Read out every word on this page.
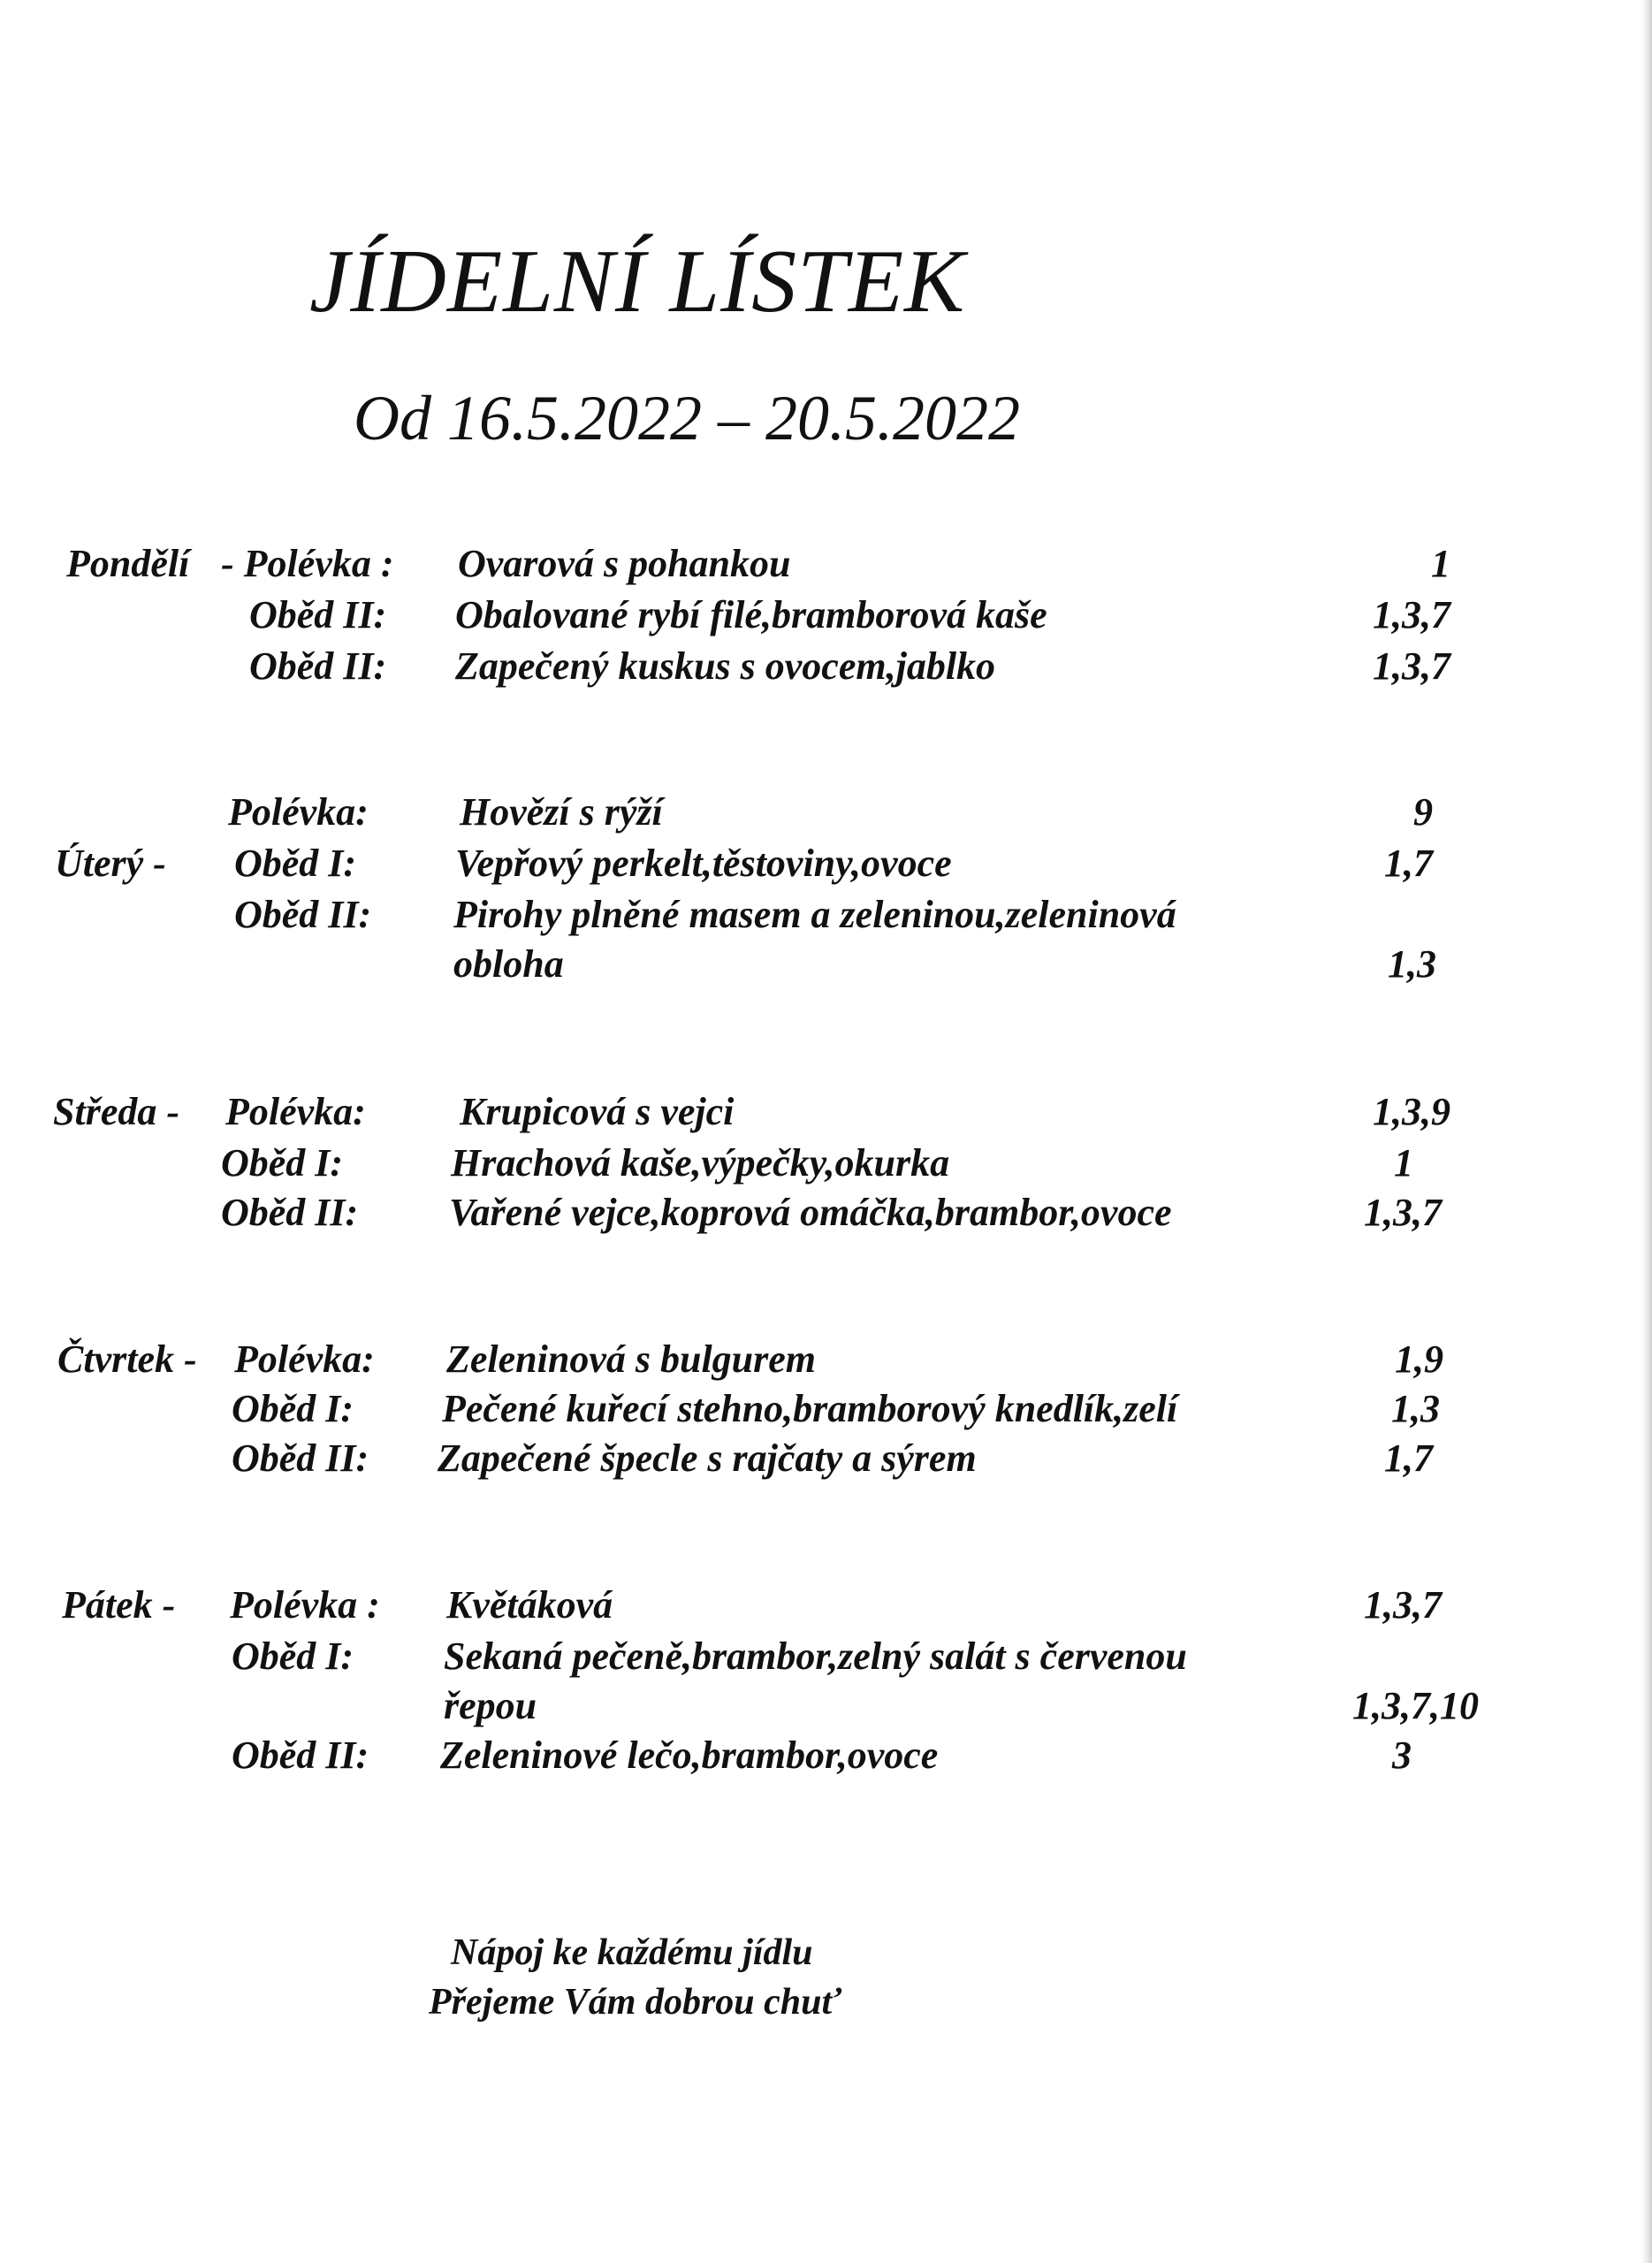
JÍDELNÍ LÍSTEK
Od 16.5.2022 – 20.5.2022
Pondělí - Polévka : Ovarová s pohankou	1
Oběd II: Obalované rybí filé,bramborová kaše	1,3,7
Oběd II: Zapečený kuskus s ovocem,jablko	1,3,7
Polévka: Hovězí s rýží	9
Úterý - Oběd I:	Vepřový perkelt,těstoviny,ovoce	1,7
Oběd II: Pirohy plněné masem a zeleninou,zeleninová
obloha	1,3
Středa - Polévka: Krupicová s vejci	1,3,9
Oběd I:	Hrachová kaše,výpečky,okurka	1
Oběd II: Vařené vejce,koprová omáčka,brambor,ovoce	1,3,7
Čtvrtek - Polévka: Zeleninová s bulgurem	1,9
Oběd I: Pečené kuřecí stehno,bramborový knedlík,zelí	1,3
Oběd II: Zapečené špecle s rajčaty a sýrem	1,7
Pátek - Polévka : Květáková	1,3,7
Oběd I: Sekaná pečeně,brambor,zelný salát s červenou
řepou	1,3,7,10
Oběd II: Zeleninové lečo,brambor,ovoce	3
Nápoj ke každému jídlu
Přejeme Vám dobrou chuť
